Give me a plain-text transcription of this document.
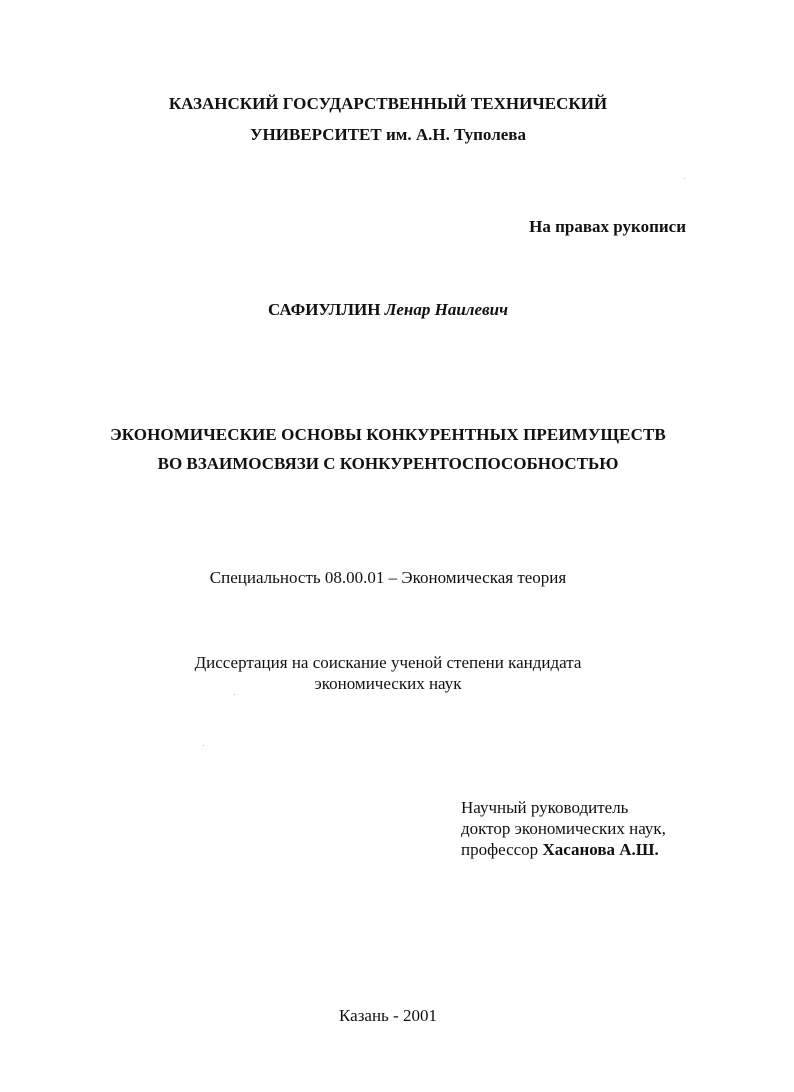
КАЗАНСКИЙ ГОСУДАРСТВЕННЫЙ ТЕХНИЧЕСКИЙ
УНИВЕРСИТЕТ им. А.Н. Туполева
На правах рукописи
САФИУЛЛИН Ленар Наилевич
ЭКОНОМИЧЕСКИЕ ОСНОВЫ КОНКУРЕНТНЫХ ПРЕИМУЩЕСТВ
ВО ВЗАИМОСВЯЗИ С КОНКУРЕНТОСПОСОБНОСТЬЮ
Специальность 08.00.01 – Экономическая теория
Диссертация на соискание ученой степени кандидата
экономических наук
Научный руководитель
доктор экономических наук,
профессор Хасанова А.Ш.
Казань - 2001
